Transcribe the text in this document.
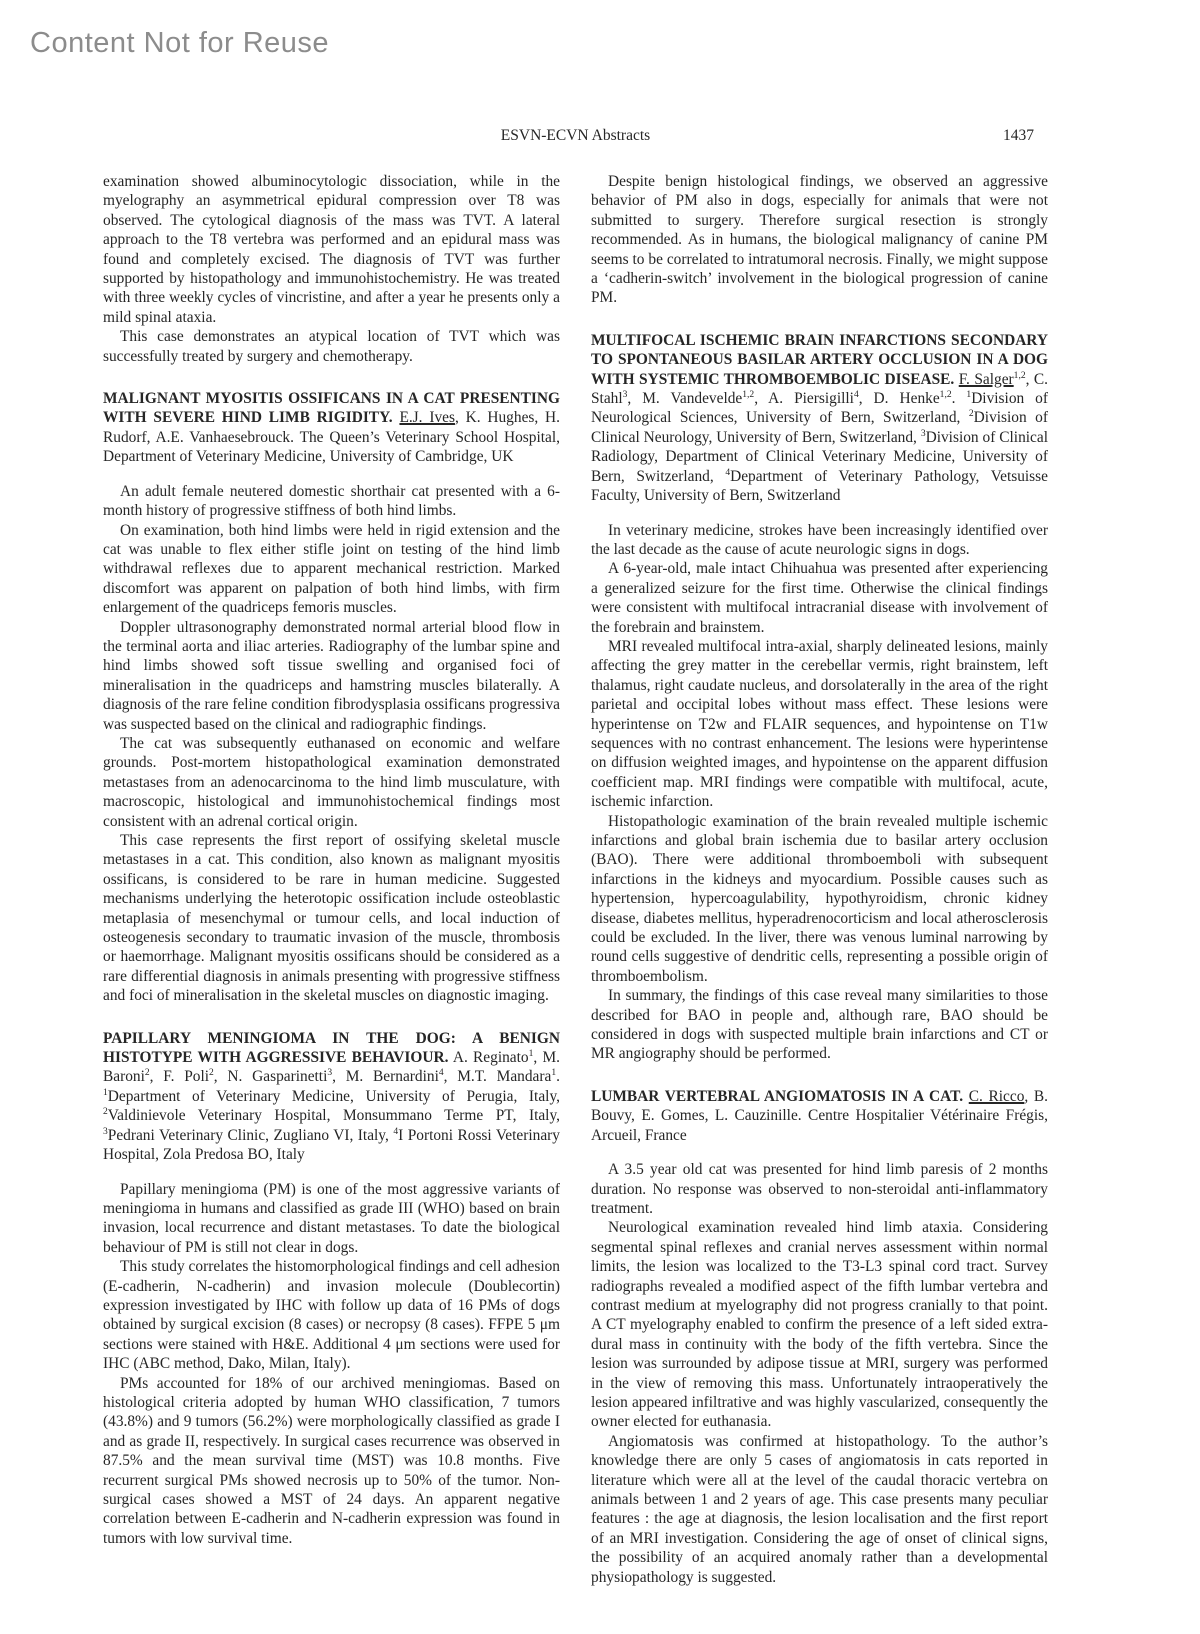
Content Not for Reuse
ESVN-ECVN Abstracts	1437

examination showed albuminocytologic dissociation, while in the myelography an asymmetrical epidural compression over T8 was observed. The cytological diagnosis of the mass was TVT. A lateral approach to the T8 vertebra was performed and an epidural mass was found and completely excised. The diagnosis of TVT was further supported by histopathology and immunohistochemistry. He was treated with three weekly cycles of vincristine, and after a year he presents only a mild spinal ataxia.

This case demonstrates an atypical location of TVT which was successfully treated by surgery and chemotherapy.

MALIGNANT MYOSITIS OSSIFICANS IN A CAT PRESENTING WITH SEVERE HIND LIMB RIGIDITY. E.J. Ives, K. Hughes, H. Rudorf, A.E. Vanhaesebrouck. The Queen’s Veterinary School Hospital, Department of Veterinary Medicine, University of Cambridge, UK

An adult female neutered domestic shorthair cat presented with a 6-month history of progressive stiffness of both hind limbs.

On examination, both hind limbs were held in rigid extension and the cat was unable to flex either stifle joint on testing of the hind limb withdrawal reflexes due to apparent mechanical restriction. Marked discomfort was apparent on palpation of both hind limbs, with firm enlargement of the quadriceps femoris muscles.

Doppler ultrasonography demonstrated normal arterial blood flow in the terminal aorta and iliac arteries. Radiography of the lumbar spine and hind limbs showed soft tissue swelling and organised foci of mineralisation in the quadriceps and hamstring muscles bilaterally. A diagnosis of the rare feline condition fibrodysplasia ossificans progressiva was suspected based on the clinical and radiographic findings.

The cat was subsequently euthanased on economic and welfare grounds. Post-mortem histopathological examination demonstrated metastases from an adenocarcinoma to the hind limb musculature, with macroscopic, histological and immunohistochemical findings most consistent with an adrenal cortical origin.

This case represents the first report of ossifying skeletal muscle metastases in a cat. This condition, also known as malignant myositis ossificans, is considered to be rare in human medicine. Suggested mechanisms underlying the heterotopic ossification include osteoblastic metaplasia of mesenchymal or tumour cells, and local induction of osteogenesis secondary to traumatic invasion of the muscle, thrombosis or haemorrhage. Malignant myositis ossificans should be considered as a rare differential diagnosis in animals presenting with progressive stiffness and foci of mineralisation in the skeletal muscles on diagnostic imaging.

PAPILLARY MENINGIOMA IN THE DOG: A BENIGN HISTOTYPE WITH AGGRESSIVE BEHAVIOUR. A. Reginato$^1$, M. Baroni$^2$, F. Poli$^2$, N. Gasparinetti$^3$, M. Bernardini$^4$, M.T. Mandara$^1$. $^1$Department of Veterinary Medicine, University of Perugia, Italy, $^2$Valdinievole Veterinary Hospital, Monsummano Terme PT, Italy, $^3$Pedrani Veterinary Clinic, Zugliano VI, Italy, $^4$I Portoni Rossi Veterinary Hospital, Zola Predosa BO, Italy

Papillary meningioma (PM) is one of the most aggressive variants of meningioma in humans and classified as grade III (WHO) based on brain invasion, local recurrence and distant metastases. To date the biological behaviour of PM is still not clear in dogs.

This study correlates the histomorphological findings and cell adhesion (E-cadherin, N-cadherin) and invasion molecule (Doublecortin) expression investigated by IHC with follow up data of 16 PMs of dogs obtained by surgical excision (8 cases) or necropsy (8 cases). FFPE 5 μm sections were stained with H&E. Additional 4 μm sections were used for IHC (ABC method, Dako, Milan, Italy).

PMs accounted for 18% of our archived meningiomas. Based on histological criteria adopted by human WHO classification, 7 tumors (43.8%) and 9 tumors (56.2%) were morphologically classified as grade I and as grade II, respectively. In surgical cases recurrence was observed in 87.5% and the mean survival time (MST) was 10.8 months. Five recurrent surgical PMs showed necrosis up to 50% of the tumor. Non-surgical cases showed a MST of 24 days. An apparent negative correlation between E-cadherin and N-cadherin expression was found in tumors with low survival time.

Despite benign histological findings, we observed an aggressive behavior of PM also in dogs, especially for animals that were not submitted to surgery. Therefore surgical resection is strongly recommended. As in humans, the biological malignancy of canine PM seems to be correlated to intratumoral necrosis. Finally, we might suppose a ‘cadherin-switch’ involvement in the biological progression of canine PM.

MULTIFOCAL ISCHEMIC BRAIN INFARCTIONS SECONDARY TO SPONTANEOUS BASILAR ARTERY OCCLUSION IN A DOG WITH SYSTEMIC THROMBOEMBOLIC DISEASE. F. Salger$^{1,2}$, C. Stahl$^3$, M. Vandevelde$^{1,2}$, A. Piersigilli$^4$, D. Henke$^{1,2}$. $^1$Division of Neurological Sciences, University of Bern, Switzerland, $^2$Division of Clinical Neurology, University of Bern, Switzerland, $^3$Division of Clinical Radiology, Department of Clinical Veterinary Medicine, University of Bern, Switzerland, $^4$Department of Veterinary Pathology, Vetsuisse Faculty, University of Bern, Switzerland

In veterinary medicine, strokes have been increasingly identified over the last decade as the cause of acute neurologic signs in dogs.

A 6-year-old, male intact Chihuahua was presented after experiencing a generalized seizure for the first time. Otherwise the clinical findings were consistent with multifocal intracranial disease with involvement of the forebrain and brainstem.

MRI revealed multifocal intra-axial, sharply delineated lesions, mainly affecting the grey matter in the cerebellar vermis, right brainstem, left thalamus, right caudate nucleus, and dorsolaterally in the area of the right parietal and occipital lobes without mass effect. These lesions were hyperintense on T2w and FLAIR sequences, and hypointense on T1w sequences with no contrast enhancement. The lesions were hyperintense on diffusion weighted images, and hypointense on the apparent diffusion coefficient map. MRI findings were compatible with multifocal, acute, ischemic infarction.

Histopathologic examination of the brain revealed multiple ischemic infarctions and global brain ischemia due to basilar artery occlusion (BAO). There were additional thromboemboli with subsequent infarctions in the kidneys and myocardium. Possible causes such as hypertension, hypercoagulability, hypothyroidism, chronic kidney disease, diabetes mellitus, hyperadrenocorticism and local atherosclerosis could be excluded. In the liver, there was venous luminal narrowing by round cells suggestive of dendritic cells, representing a possible origin of thromboembolism.

In summary, the findings of this case reveal many similarities to those described for BAO in people and, although rare, BAO should be considered in dogs with suspected multiple brain infarctions and CT or MR angiography should be performed.

LUMBAR VERTEBRAL ANGIOMATOSIS IN A CAT. C. Ricco, B. Bouvy, E. Gomes, L. Cauzinille. Centre Hospitalier Vétérinaire Frégis, Arcueil, France

A 3.5 year old cat was presented for hind limb paresis of 2 months duration. No response was observed to non-steroidal anti-inflammatory treatment.

Neurological examination revealed hind limb ataxia. Considering segmental spinal reflexes and cranial nerves assessment within normal limits, the lesion was localized to the T3-L3 spinal cord tract. Survey radiographs revealed a modified aspect of the fifth lumbar vertebra and contrast medium at myelography did not progress cranially to that point. A CT myelography enabled to confirm the presence of a left sided extra-dural mass in continuity with the body of the fifth vertebra. Since the lesion was surrounded by adipose tissue at MRI, surgery was performed in the view of removing this mass. Unfortunately intraoperatively the lesion appeared infiltrative and was highly vascularized, consequently the owner elected for euthanasia.

Angiomatosis was confirmed at histopathology. To the author’s knowledge there are only 5 cases of angiomatosis in cats reported in literature which were all at the level of the caudal thoracic vertebra on animals between 1 and 2 years of age. This case presents many peculiar features : the age at diagnosis, the lesion localisation and the first report of an MRI investigation. Considering the age of onset of clinical signs, the possibility of an acquired anomaly rather than a developmental physiopathology is suggested.
